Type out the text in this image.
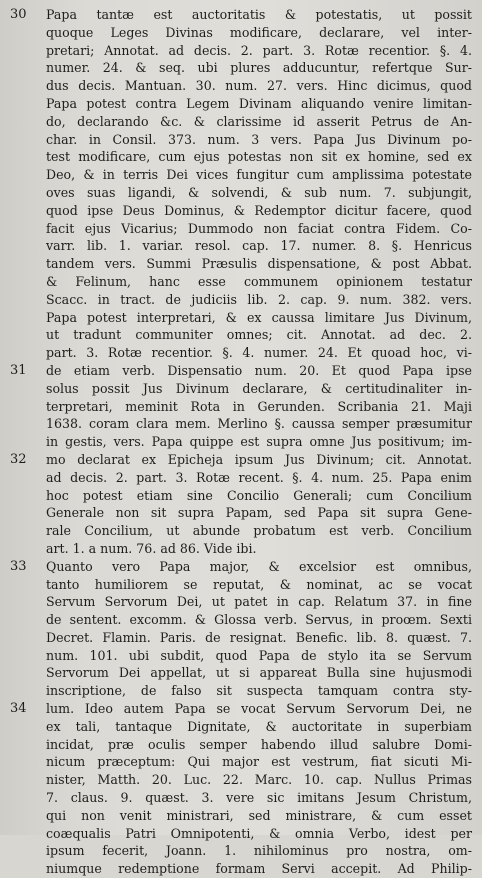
30	Papa tantæ est auctoritatis & potestatis, ut possit
quoque Leges Divinas modificare, declarare, vel inter-
pretari; Annotat. ad decis. 2. part. 3. Rotæ recentior. §. 4.
numer. 24. & seq. ubi plures adducuntur, refertque Sur-
dus decis. Mantuan. 30. num. 27. vers. Hinc dicimus, quod
Papa potest contra Legem Divinam aliquando venire limitan-
do, declarando &c. & clarissime id asserit Petrus de An-
char. in Consil. 373. num. 3 vers. Papa Jus Divinum po-
test modificare, cum ejus potestas non sit ex homine, sed ex
Deo, & in terris Dei vices fungitur cum amplissima potestate
oves suas ligandi, & solvendi, & sub num. 7. subjungit,
quod ipse Deus Dominus, & Redemptor dicitur facere, quod
facit ejus Vicarius; Dummodo non faciat contra Fidem. Co-
varr. lib. 1. variar. resol. cap. 17. numer. 8. §. Henricus
tandem vers. Summi Præsulis dispensatione, & post Abbat.
& Felinum, hanc esse communem opinionem testatur
Scacc. in tract. de judiciis lib. 2. cap. 9. num. 382. vers.
Papa potest interpretari, & ex caussa limitare Jus Divinum,
ut tradunt communiter omnes; cit. Annotat. ad dec. 2.
part. 3. Rotæ recentior. §. 4. numer. 24. Et quoad hoc, vi-
31	de etiam verb. Dispensatio num. 20. Et quod Papa ipse
solus possit Jus Divinum declarare, & certitudinaliter in-
terpretari, meminit Rota in Gerunden. Scribania 21. Maji
1638. coram clara mem. Merlino §. caussa semper præsumitur
in gestis, vers. Papa quippe est supra omne Jus positivum; im-
32	mo declarat ex Epicheja ipsum Jus Divinum; cit. Annotat.
ad decis. 2. part. 3. Rotæ recent. §. 4. num. 25. Papa enim
hoc potest etiam sine Concilio Generali; cum Concilium
Generale non sit supra Papam, sed Papa sit supra Gene-
rale Concilium, ut abunde probatum est verb. Concilium
art. 1. a num. 76. ad 86. Vide ibi.
33	Quanto vero Papa major, & excelsior est omnibus,
tanto humiliorem se reputat, & nominat, ac se vocat
Servum Servorum Dei, ut patet in cap. Relatum 37. in fine
de sentent. excomm. & Glossa verb. Servus, in proœm. Sexti
Decret. Flamin. Paris. de resignat. Benefic. lib. 8. quæst. 7.
num. 101. ubi subdit, quod Papa de stylo ita se Servum
Servorum Dei appellat, ut si appareat Bulla sine hujusmodi
inscriptione, de falso sit suspecta tamquam contra sty-
34	lum. Ideo autem Papa se vocat Servum Servorum Dei, ne
ex tali, tantaque Dignitate, & auctoritate in superbiam
incidat, præ oculis semper habendo illud salubre Domi-
nicum præceptum: Qui major est vestrum, fiat sicuti Mi-
nister, Matth. 20. Luc. 22. Marc. 10. cap. Nullus Primas
7. claus. 9. quæst. 3. vere sic imitans Jesum Christum,
qui non venit ministrari, sed ministrare, & cum esset
coæqualis Patri Omnipotenti, & omnia Verbo, idest per
ipsum fecerit, Joann. 1. nihilominus pro nostra, om-
niumque redemptione formam Servi accepit. Ad Philip-
